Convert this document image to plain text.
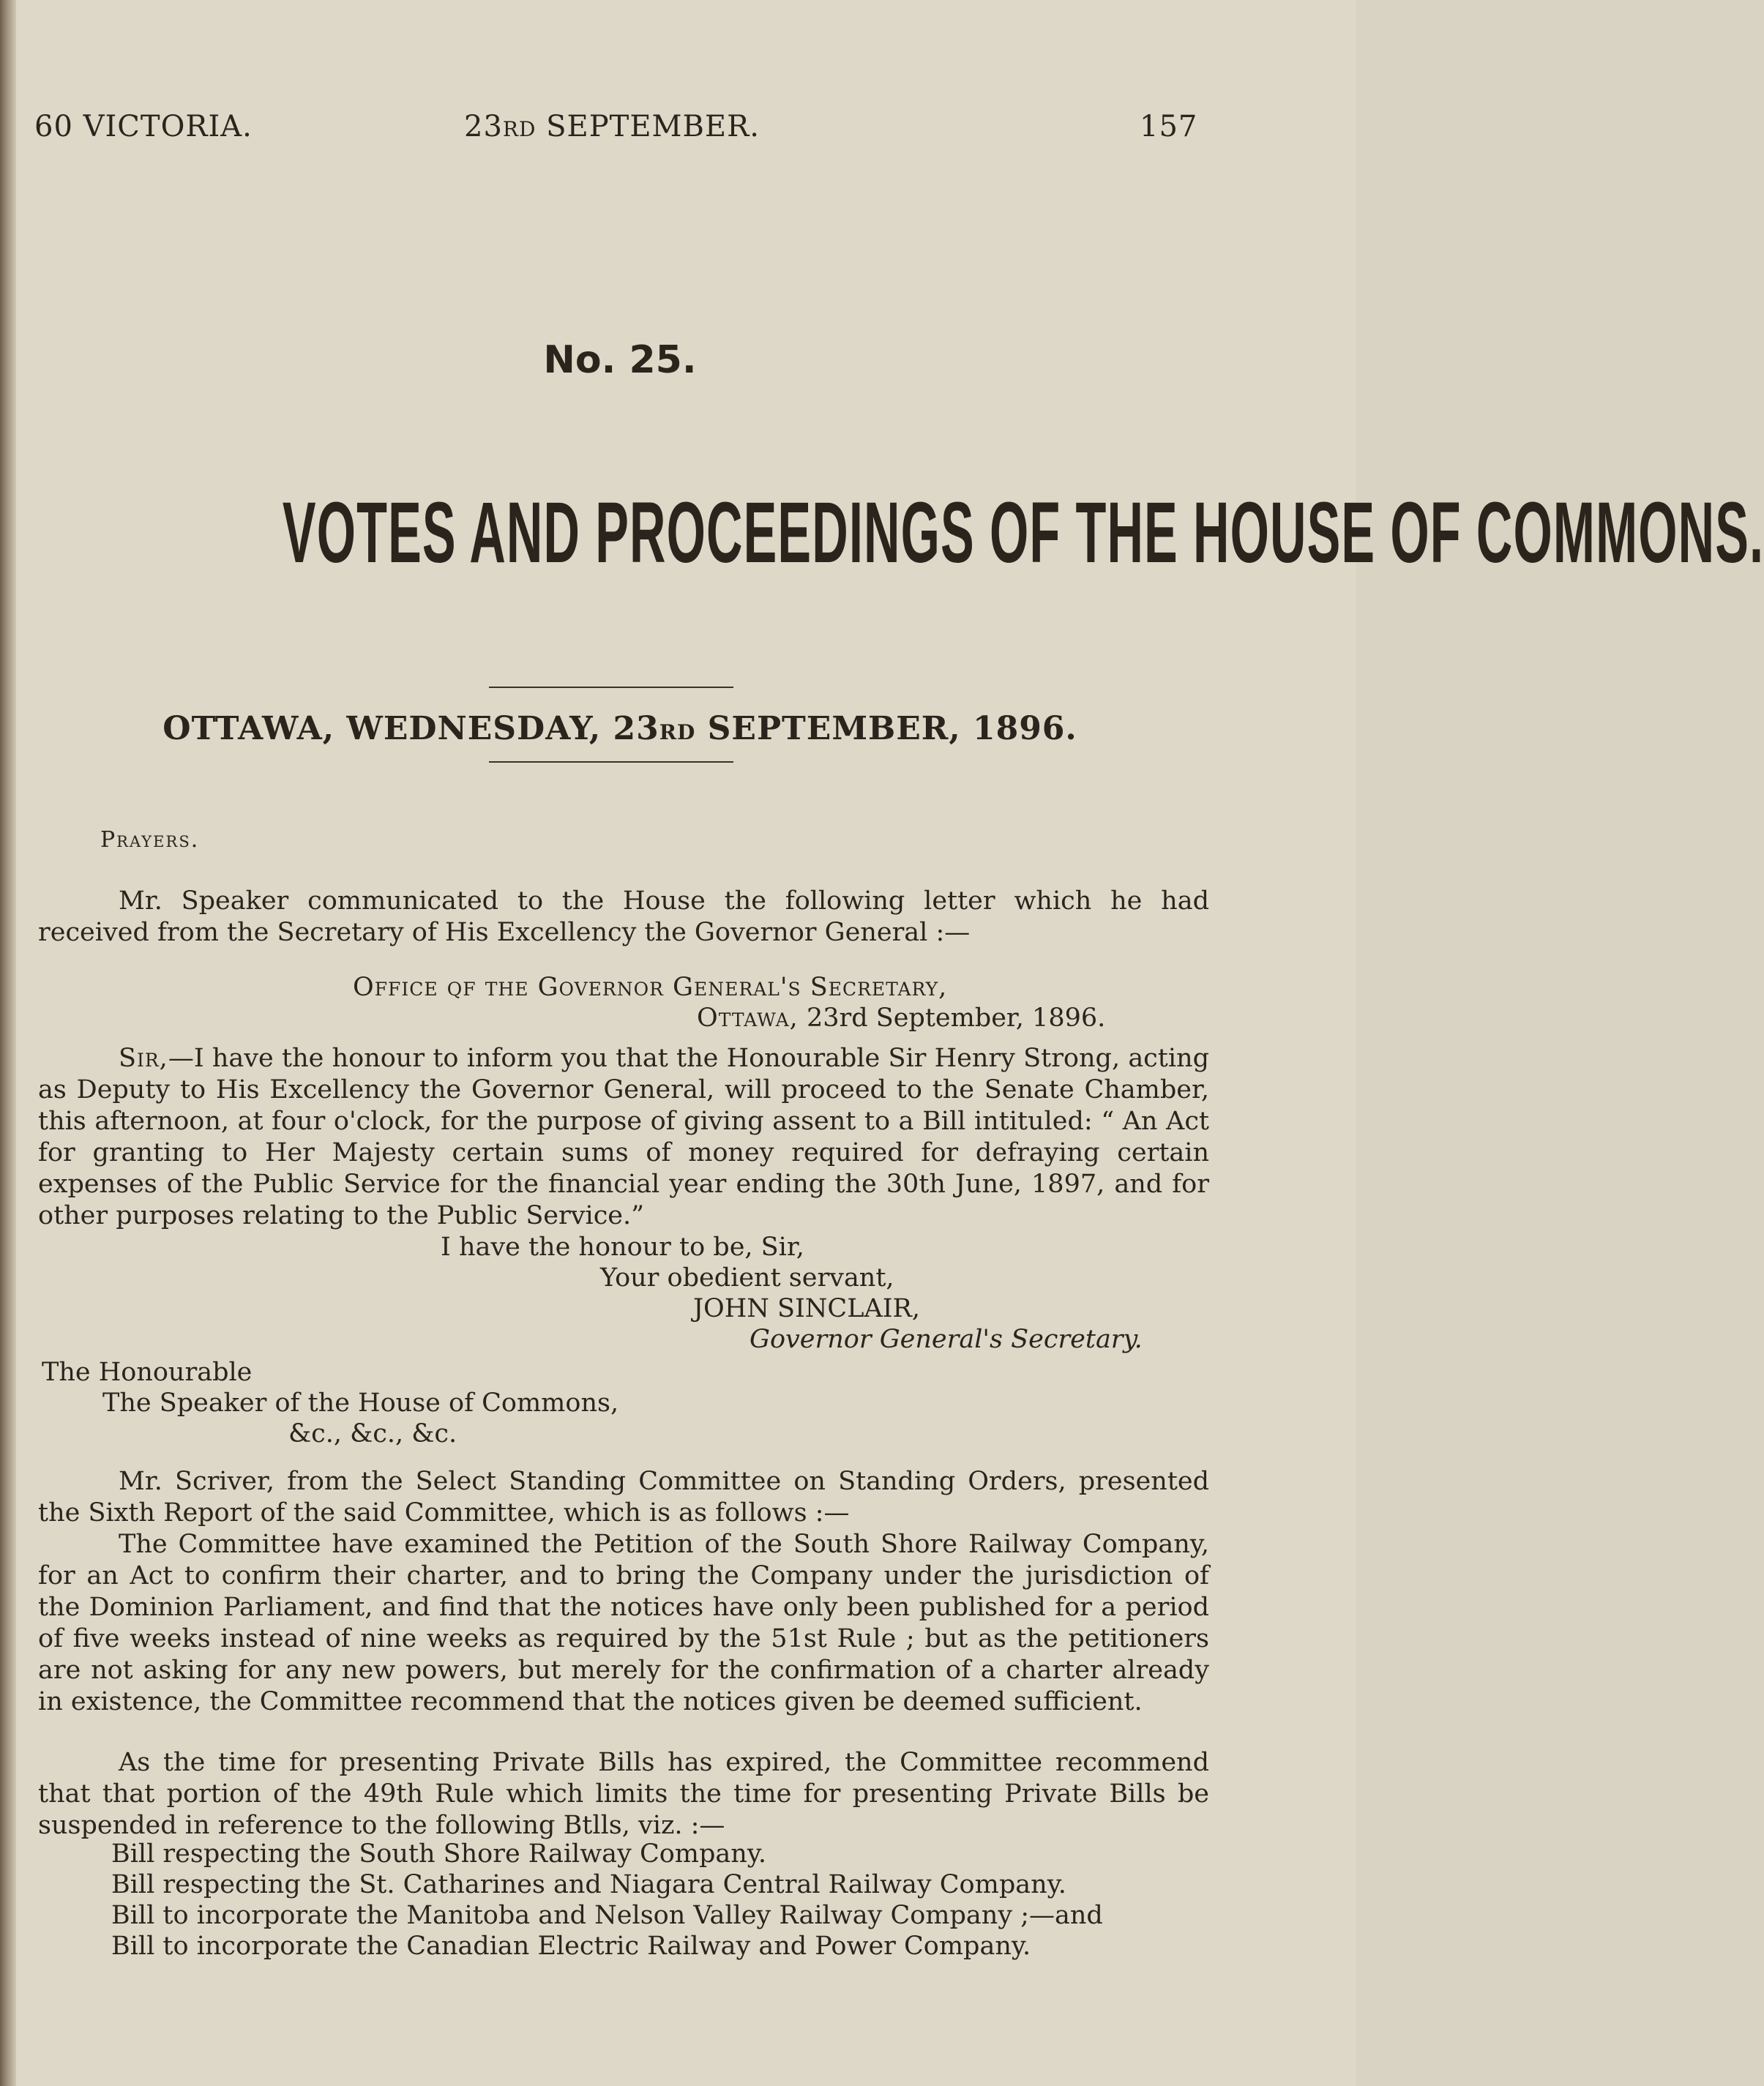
60 VICTORIA.	23RD SEPTEMBER.	157
No. 25.
VOTES AND PROCEEDINGS OF THE HOUSE OF COMMONS.
OTTAWA, WEDNESDAY, 23RD SEPTEMBER, 1896.
Prayers.
Mr. Speaker communicated to the House the following letter which he had received from the Secretary of His Excellency the Governor General :—
Office qf the Governor General's Secretary,
Ottawa, 23rd September, 1896.
Sir,—I have the honour to inform you that the Honourable Sir Henry Strong, acting as Deputy to His Excellency the Governor General, will proceed to the Senate Chamber, this afternoon, at four o'clock, for the purpose of giving assent to a Bill intituled: “ An Act for granting to Her Majesty certain sums of money required for defraying certain expenses of the Public Service for the financial year ending the 30th June, 1897, and for other purposes relating to the Public Service.”
I have the honour to be, Sir,
Your obedient servant,
JOHN SINCLAIR,
Governor General's Secretary.
The Honourable
The Speaker of the House of Commons,
&c., &c., &c.
Mr. Scriver, from the Select Standing Committee on Standing Orders, presented the Sixth Report of the said Committee, which is as follows :—
The Committee have examined the Petition of the South Shore Railway Company, for an Act to confirm their charter, and to bring the Company under the jurisdiction of the Dominion Parliament, and find that the notices have only been published for a period of five weeks instead of nine weeks as required by the 51st Rule ; but as the petitioners are not asking for any new powers, but merely for the confirmation of a charter already in existence, the Committee recommend that the notices given be deemed sufficient.
As the time for presenting Private Bills has expired, the Committee recommend that that portion of the 49th Rule which limits the time for presenting Private Bills be suspended in reference to the following Btlls, viz. :—
Bill respecting the South Shore Railway Company.
Bill respecting the St. Catharines and Niagara Central Railway Company.
Bill to incorporate the Manitoba and Nelson Valley Railway Company ;—and
Bill to incorporate the Canadian Electric Railway and Power Company.
